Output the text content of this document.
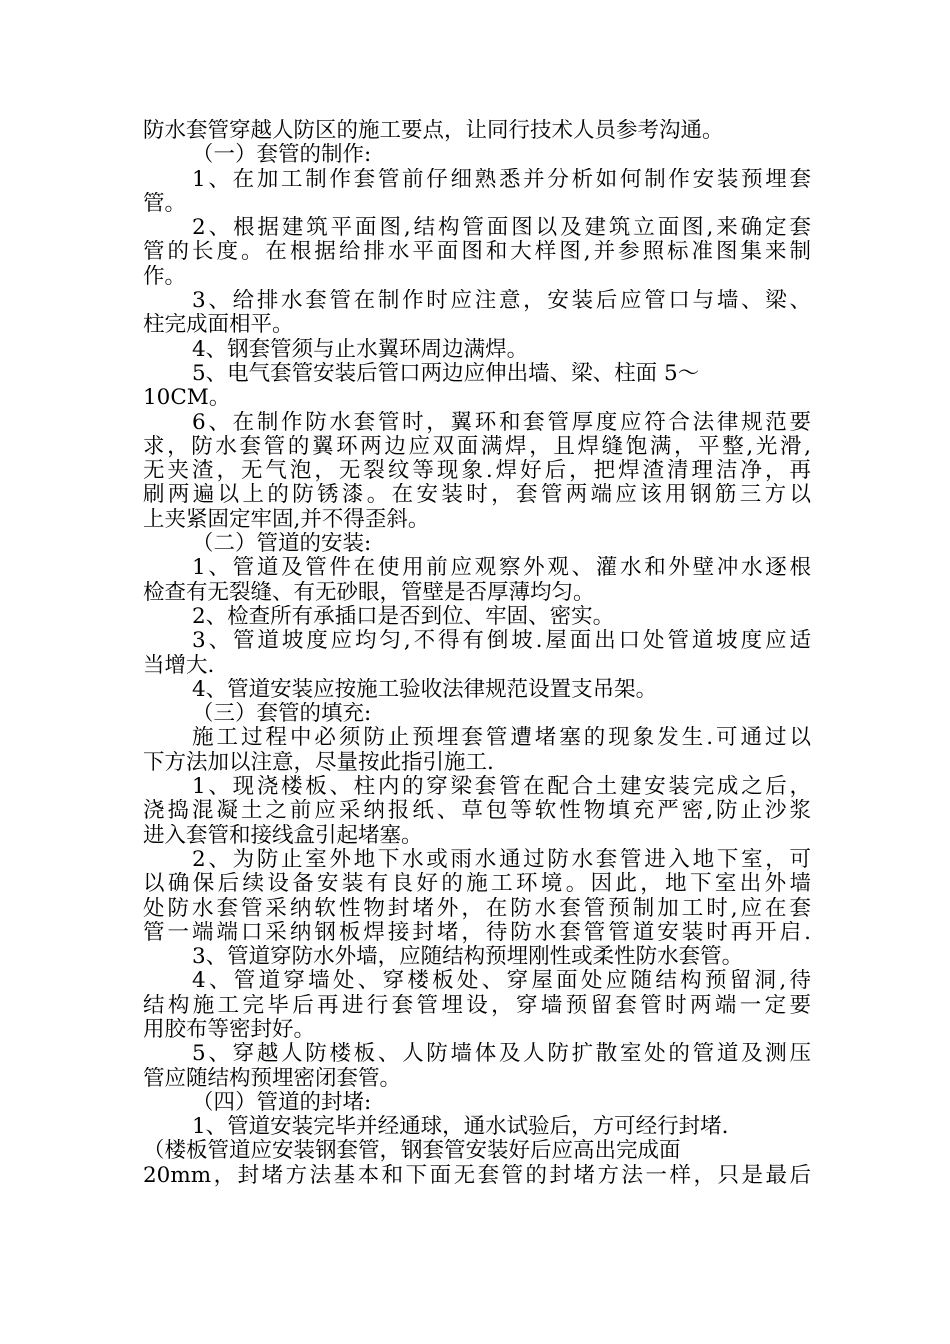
防水套管穿越人防区的施工要点，让同行技术人员参考沟通。
（一）套管的制作:
1、在加工制作套管前仔细熟悉并分析如何制作安装预埋套
管。
2、根据建筑平面图,结构管面图以及建筑立面图,来确定套
管的长度。在根据给排水平面图和大样图,并参照标准图集来制
作。
3、给排水套管在制作时应注意，安装后应管口与墙、梁、
柱完成面相平。
4、钢套管须与止水翼环周边满焊。
5、电气套管安装后管口两边应伸出墙、梁、柱面 5～
10CM。
6、在制作防水套管时，翼环和套管厚度应符合法律规范要
求，防水套管的翼环两边应双面满焊，且焊缝饱满，平整,光滑,
无夹渣，无气泡，无裂纹等现象.焊好后，把焊渣清理洁净，再
刷两遍以上的防锈漆。在安装时，套管两端应该用钢筋三方以
上夹紧固定牢固,并不得歪斜。
（二）管道的安装:
1、管道及管件在使用前应观察外观、灌水和外壁冲水逐根
检查有无裂缝、有无砂眼，管壁是否厚薄均匀。
2、检查所有承插口是否到位、牢固、密实。
3、管道坡度应均匀,不得有倒坡.屋面出口处管道坡度应适
当增大.
4、管道安装应按施工验收法律规范设置支吊架。
（三）套管的填充:
施工过程中必须防止预埋套管遭堵塞的现象发生.可通过以
下方法加以注意，尽量按此指引施工.
1、现浇楼板、柱内的穿梁套管在配合土建安装完成之后，
浇捣混凝土之前应采纳报纸、草包等软性物填充严密,防止沙浆
进入套管和接线盒引起堵塞。
2、为防止室外地下水或雨水通过防水套管进入地下室，可
以确保后续设备安装有良好的施工环境。因此，地下室出外墙
处防水套管采纳软性物封堵外，在防水套管预制加工时,应在套
管一端端口采纳钢板焊接封堵，待防水套管管道安装时再开启.
3、管道穿防水外墙，应随结构预埋刚性或柔性防水套管。
4、管道穿墙处、穿楼板处、穿屋面处应随结构预留洞,待
结构施工完毕后再进行套管埋设，穿墙预留套管时两端一定要
用胶布等密封好。
5、穿越人防楼板、人防墙体及人防扩散室处的管道及测压
管应随结构预埋密闭套管。
（四）管道的封堵:
1、管道安装完毕并经通球，通水试验后，方可经行封堵.
（楼板管道应安装钢套管，钢套管安装好后应高出完成面
20mm，封堵方法基本和下面无套管的封堵方法一样，只是最后
